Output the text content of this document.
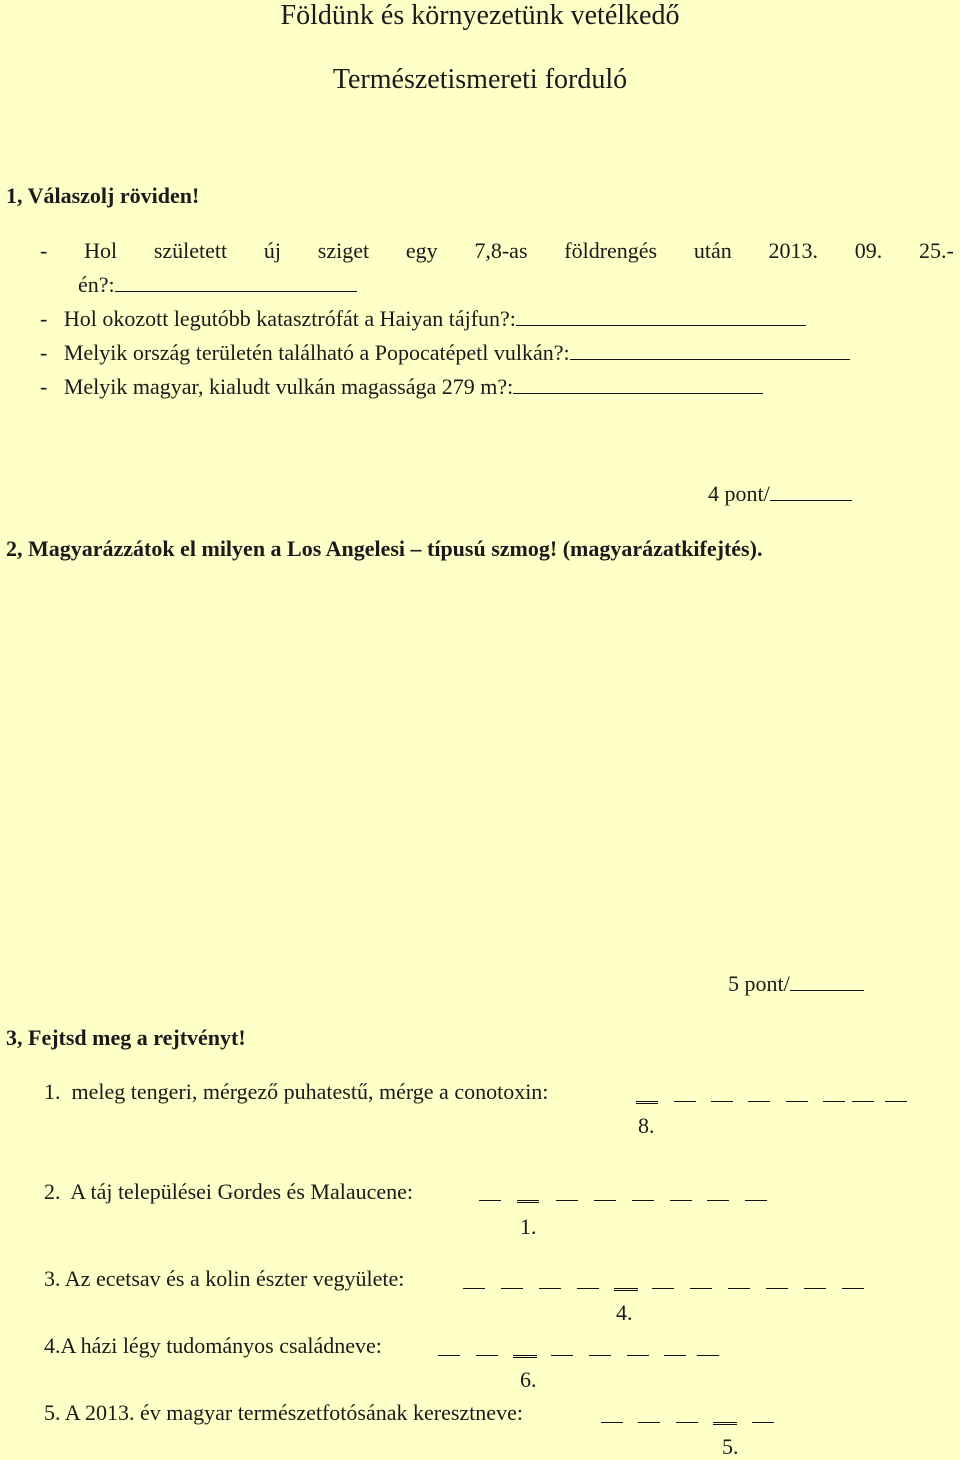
Földünk és környezetünk vetélkedő
Természetismereti forduló
1, Válaszolj röviden!
- Hol született új sziget egy 7,8-as földrengés után 2013. 09. 25.-
én?:
-   Hol okozott legutóbb katasztrófát a Haiyan tájfun?:
-   Melyik ország területén található a Popocatépetl vulkán?:
-   Melyik magyar, kialudt vulkán magassága 279 m?:
4 pont/
2, Magyarázzátok el milyen a Los Angelesi – típusú szmog! (magyarázatkifejtés).
5 pont/
3, Fejtsd meg a rejtvényt!
1.  meleg tengeri, mérgező puhatestű, mérge a conotoxin:
8.
2.  A táj települései Gordes és Malaucene:
1.
3. Az ecetsav és a kolin észter vegyülete:
4.
4.A házi légy tudományos családneve:
6.
5. A 2013. év magyar természetfotósának keresztneve:
5.
